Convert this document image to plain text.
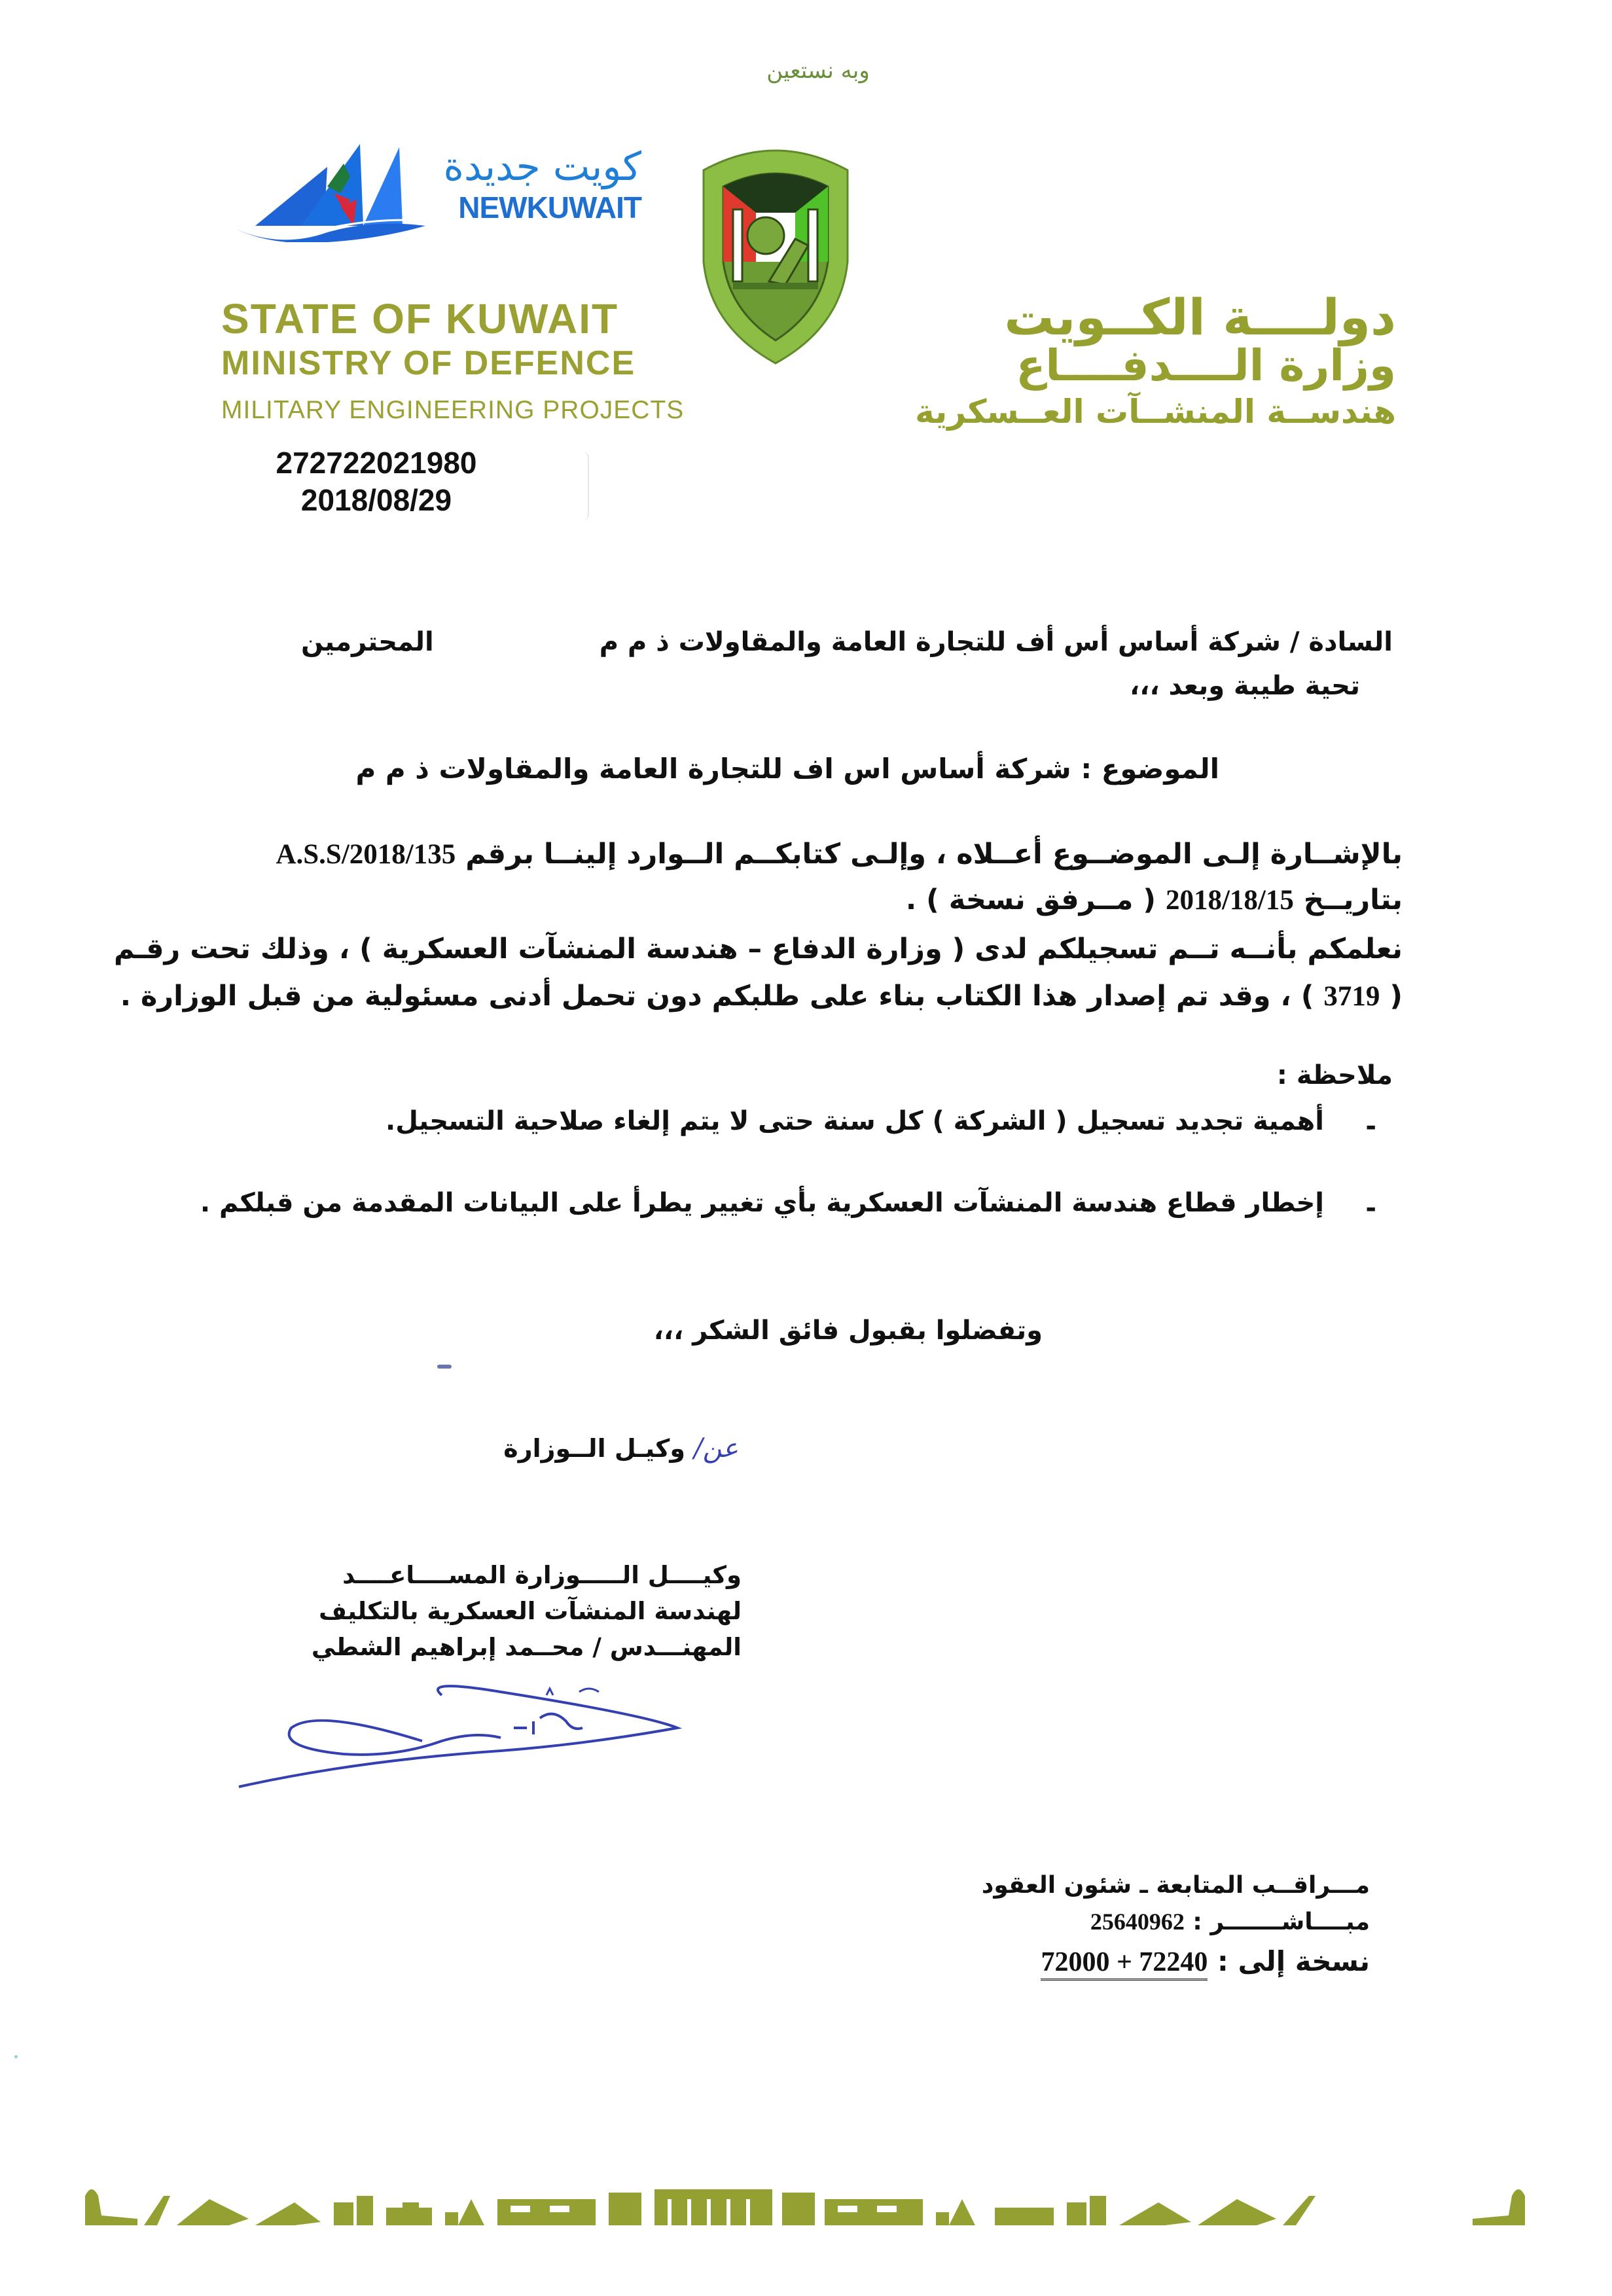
وبه نستعين
كويت جديدة
NEWKUWAIT
STATE OF KUWAIT
MINISTRY OF DEFENCE
MILITARY ENGINEERING PROJECTS
272722021980
2018/08/29
دولــــة الكــويت
وزارة الــــدفــــاع
هندســة المنشــآت العــسكرية
السادة / شركة أساس أس أف للتجارة العامة والمقاولات ذ م م
المحترمين
تحية طيبة وبعد ،،،
الموضوع : شركة أساس اس اف للتجارة العامة والمقاولات ذ م م
بالإشــارة إلـى الموضــوع أعــلاه ، وإلـى كتابكــم الــوارد إلينــا برقم A.S.S/2018/135
بتاريــخ 2018/18/15 ( مــرفق نسخة ) .
نعلمكم بأنــه تــم تسجيلكم لدى ( وزارة الدفاع – هندسة المنشآت العسكرية ) ، وذلك تحت رقـم
( 3719 ) ، وقد تم إصدار هذا الكتاب بناء على طلبكم دون تحمل أدنى مسئولية من قبل الوزارة .
ملاحظة :
-
أهمية تجديد تسجيل ( الشركة ) كل سنة حتى لا يتم إلغاء صلاحية التسجيل.
-
إخطار قطاع هندسة المنشآت العسكرية بأي تغيير يطرأ على البيانات المقدمة من قبلكم .
وتفضلوا بقبول فائق الشكر ،،،
عن/ وكيـل الــوزارة
وكيــــل الـــــوزارة المســــاعــــد
لهندسة المنشآت العسكرية بالتكليف
المهنـــدس / محــمد إبراهيم الشطي
مـــراقــب المتابعة ـ شئون العقود
مبــــاشـــــــر : 25640962
نسخة إلى : 72000 + 72240
